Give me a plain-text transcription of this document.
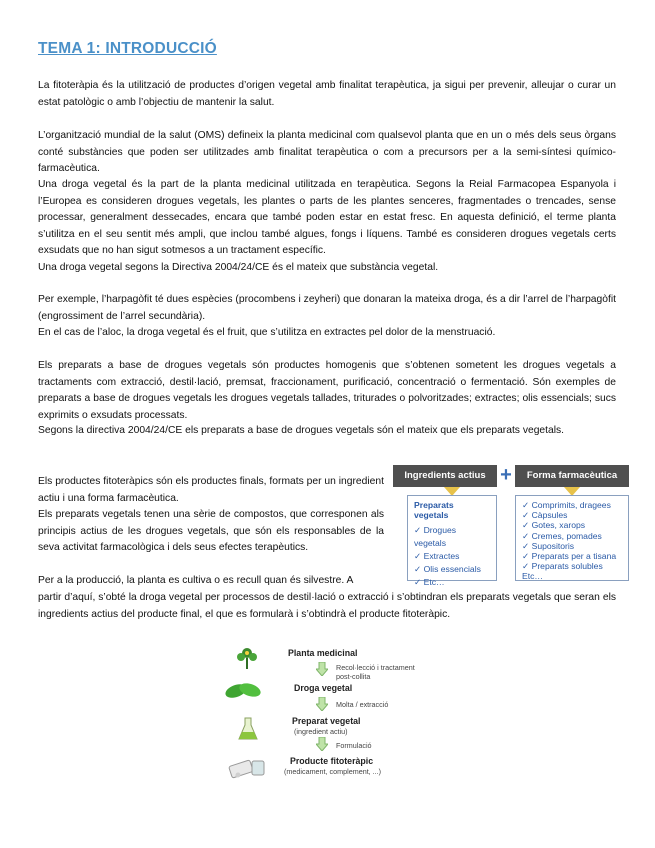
TEMA 1: INTRODUCCIÓ

La fitoteràpia és la utilització de productes d’origen vegetal amb finalitat terapèutica, ja sigui per prevenir, alleujar o curar un estat patològic o amb l’objectiu de mantenir la salut.

L’organització mundial de la salut (OMS) defineix la planta medicinal com qualsevol planta que en un o més dels seus òrgans conté substàncies que poden ser utilitzades amb finalitat terapèutica o com a precursors per a la semi-síntesi químico-farmacèutica.

Una droga vegetal és la part de la planta medicinal utilitzada en terapèutica. Segons la Reial Farmacopea Espanyola i l’Europea es consideren drogues vegetals, les plantes o parts de les plantes senceres, fragmentades o trencades, sense processar, generalment dessecades, encara que també poden estar en estat fresc. En aquesta definició, el terme planta s’utilitza en el seu sentit més ampli, que inclou també algues, fongs i líquens. També es consideren drogues vegetals certs exsudats que no han sigut sotmesos a un tractament específic.

Una droga vegetal segons la Directiva 2004/24/CE és el mateix que substància vegetal.

Per exemple, l’harpagòfit té dues espècies (procombens i zeyheri) que donaran la mateixa droga, és a dir l’arrel de l’harpagòfit (engrossiment de l’arrel secundària).

En el cas de l’aloc, la droga vegetal és el fruit, que s’utilitza en extractes pel dolor de la menstruació.

Els preparats a base de drogues vegetals són productes homogenis que s’obtenen sometent les drogues vegetals a tractaments com extracció, destil·lació, premsat, fraccionament, purificació, concentració o fermentació. Són exemples de preparats a base de drogues vegetals les drogues vegetals tallades, triturades o polvoritzades; extractes; olis essencials; sucs exprimits o exsudats processats.

Segons la directiva 2004/24/CE els preparats a base de drogues vegetals són el mateix que els preparats vegetals.

Els productes fitoteràpics són els productes finals, formats per un ingredient actiu i una forma farmacèutica.

Els preparats vegetals tenen una sèrie de compostos, que corresponen als principis actius de les drogues vegetals, que són els responsables de la seva activitat farmacològica i dels seus efectes terapèutics.

Per a la producció, la planta es cultiva o es recull quan és silvestre. A

partir d’aquí, s’obté la droga vegetal per processos de destil·lació o extracció i s’obtindran els preparats vegetals que seran els ingredients actius del producte final, el que es formularà i s’obtindrà el producte fitoteràpic.

Ingredients actius +	Forma farmacèutica
Preparats vegetals
✓ Drogues vegetals
✓ Extractes
✓ Olis essencials
✓ Etc…
✓ Comprimits, dragees
✓ Càpsules
✓ Gotes, xarops
✓ Cremes, pomades
✓ Supositoris
✓ Preparats per a tisana
✓ Preparats solubles
Etc…
Planta medicinal
Recol·lecció i tractament post-collita
Droga vegetal
Molta / extracció
Preparat vegetal
(ingredient actiu)
Formulació
Producte fitoteràpic
(medicament, complement, ...)
